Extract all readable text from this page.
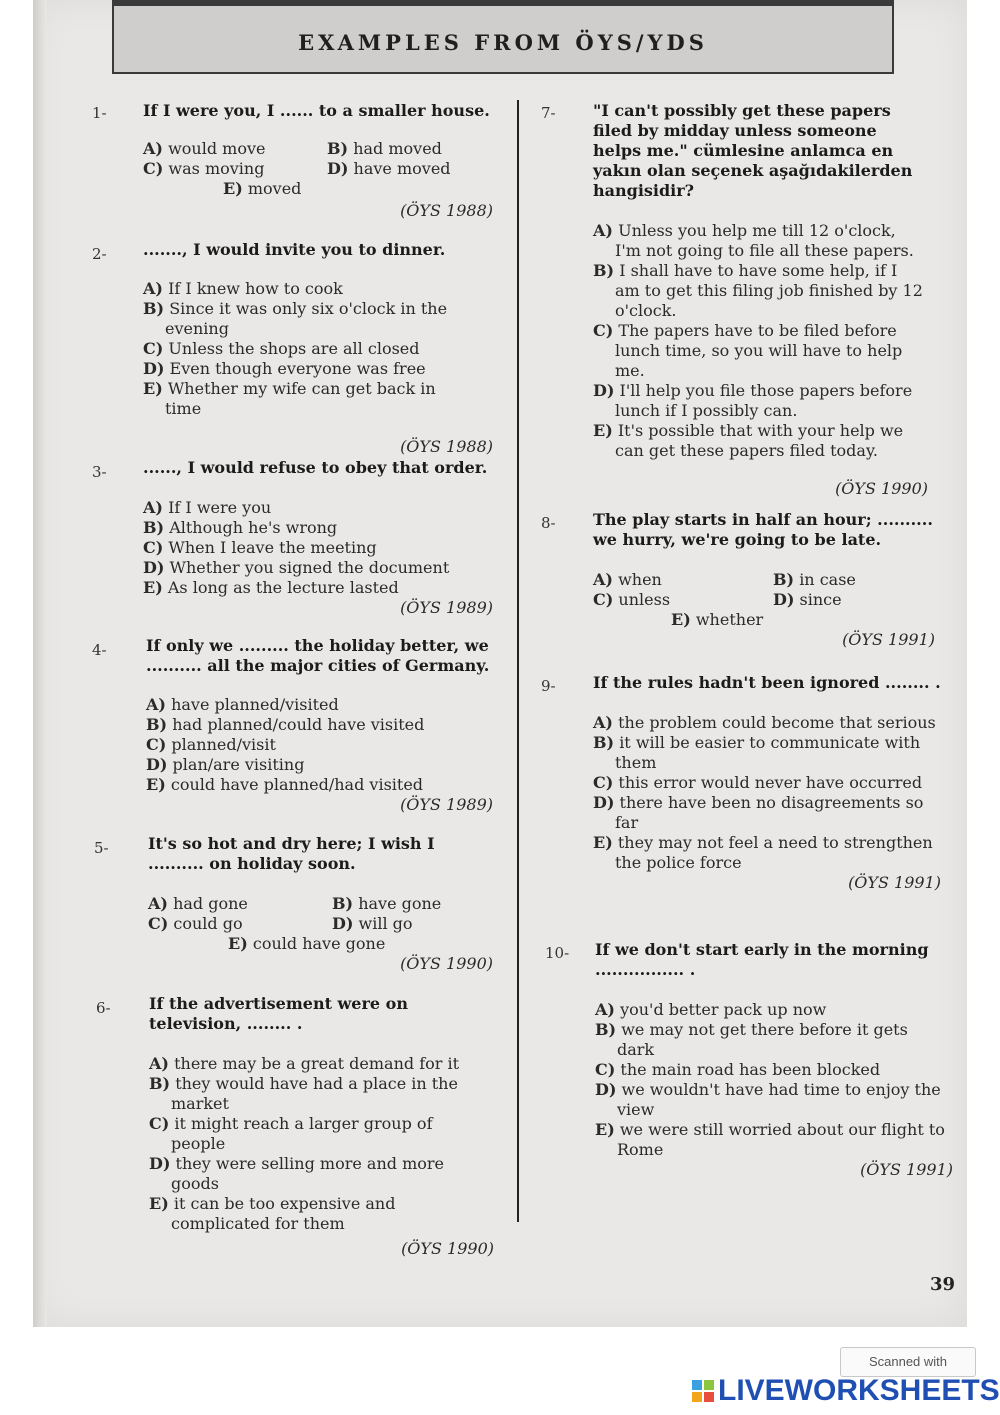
EXAMPLES FROM ÖYS/YDS
1- If I were you, I ...... to a smaller house.
A) would move	B) had moved
C) was moving	D) have moved
E) moved
(ÖYS 1988)
2- ......., I would invite you to dinner.
A) If I knew how to cook
B) Since it was only six o'clock in the evening
C) Unless the shops are all closed
D) Even though everyone was free
E) Whether my wife can get back in time
(ÖYS 1988)
3- ......, I would refuse to obey that order.
A) If I were you
B) Although he's wrong
C) When I leave the meeting
D) Whether you signed the document
E) As long as the lecture lasted
(ÖYS 1989)
4- If only we ......... the holiday better, we .......... all the major cities of Germany.
A) have planned/visited
B) had planned/could have visited
C) planned/visit
D) plan/are visiting
E) could have planned/had visited
(ÖYS 1989)
5- It's so hot and dry here; I wish I .......... on holiday soon.
A) had gone	B) have gone
C) could go	D) will go
E) could have gone
(ÖYS 1990)
6- If the advertisement were on television, ........ .
A) there may be a great demand for it
B) they would have had a place in the market
C) it might reach a larger group of people
D) they were selling more and more goods
E) it can be too expensive and complicated for them
(ÖYS 1990)
7- "I can't possibly get these papers filed by midday unless someone helps me." cümlesine anlamca en yakın olan seçenek aşağıdakilerden hangisidir?
A) Unless you help me till 12 o'clock, I'm not going to file all these papers.
B) I shall have to have some help, if I am to get this filing job finished by 12 o'clock.
C) The papers have to be filed before lunch time, so you will have to help me.
D) I'll help you file those papers before lunch if I possibly can.
E) It's possible that with your help we can get these papers filed today.
(ÖYS 1990)
8- The play starts in half an hour; .......... we hurry, we're going to be late.
A) when	B) in case
C) unless	D) since
E) whether
(ÖYS 1991)
9- If the rules hadn't been ignored ........ .
A) the problem could become that serious
B) it will be easier to communicate with them
C) this error would never have occurred
D) there have been no disagreements so far
E) they may not feel a need to strengthen the police force
(ÖYS 1991)
10- If we don't start early in the morning ................ .
A) you'd better pack up now
B) we may not get there before it gets dark
C) the main road has been blocked
D) we wouldn't have had time to enjoy the view
E) we were still worried about our flight to Rome
(ÖYS 1991)
39
Scanned with
LIVEWORKSHEETS
